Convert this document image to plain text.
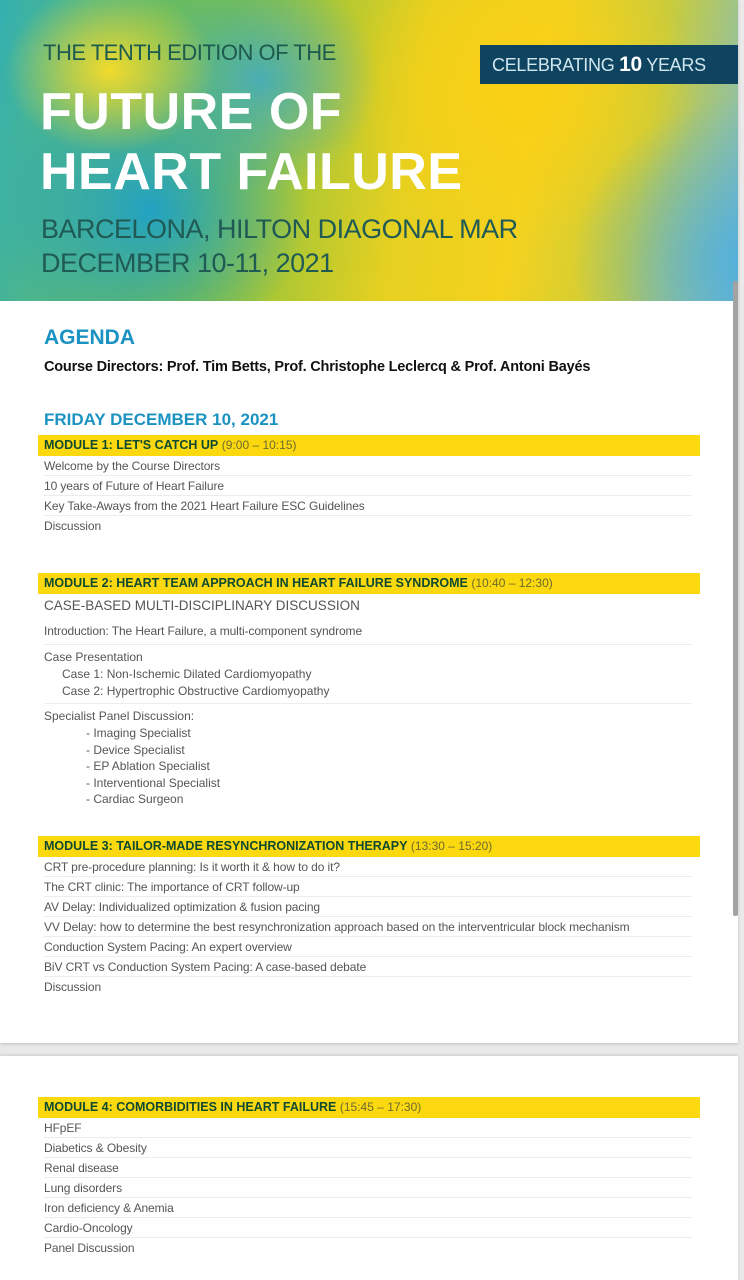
THE TENTH EDITION OF THE
FUTURE OF
HEART FAILURE
BARCELONA, HILTON DIAGONAL MAR
DECEMBER 10-11, 2021
CELEBRATING 10 YEARS
AGENDA
Course Directors: Prof. Tim Betts, Prof. Christophe Leclercq & Prof. Antoni Bayés
FRIDAY DECEMBER 10, 2021
MODULE 1: LET'S CATCH UP (9:00 – 10:15)
Welcome by the Course Directors
10 years of Future of Heart Failure
Key Take-Aways from the 2021 Heart Failure ESC Guidelines
Discussion
MODULE 2: HEART TEAM APPROACH IN HEART FAILURE SYNDROME (10:40 – 12:30)
CASE-BASED MULTI-DISCIPLINARY DISCUSSION
Introduction: The Heart Failure, a multi-component syndrome
Case Presentation
Case 1: Non-Ischemic Dilated Cardiomyopathy
Case 2: Hypertrophic Obstructive Cardiomyopathy
Specialist Panel Discussion:
- Imaging Specialist
- Device Specialist
- EP Ablation Specialist
- Interventional Specialist
- Cardiac Surgeon
MODULE 3: TAILOR-MADE RESYNCHRONIZATION THERAPY (13:30 – 15:20)
CRT pre-procedure planning: Is it worth it & how to do it?
The CRT clinic: The importance of CRT follow-up
AV Delay: Individualized optimization & fusion pacing
VV Delay: how to determine the best resynchronization approach based on the interventricular block mechanism
Conduction System Pacing: An expert overview
BiV CRT vs Conduction System Pacing: A case-based debate
Discussion
MODULE 4: COMORBIDITIES IN HEART FAILURE (15:45 – 17:30)
HFpEF
Diabetics & Obesity
Renal disease
Lung disorders
Iron deficiency & Anemia
Cardio-Oncology
Panel Discussion
